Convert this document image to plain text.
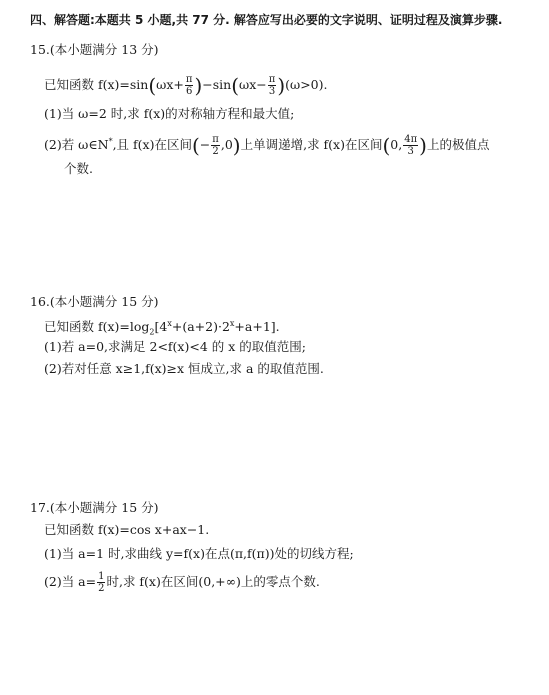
四、解答题:本题共 5 小题,共 77 分. 解答应写出必要的文字说明、证明过程及演算步骤.
15.(本小题满分 13 分)
已知函数 $f(x)=\sin(\omega x+ \frac{\pi}{6} )-\sin(\omega x- \frac{\pi}{3} )(\omega>0)$.
(1)当 ω=2 时,求 f(x)的对称轴方程和最大值;
(2)若 ω∈N*,且 f(x)在区间(− $\frac{\pi}{2} ,0$)上单调递增,求 f(x)在区间(0, $\frac{4\pi}{3}$ )上的极值点
个数.
16.(本小题满分 15 分)
已知函数 $f(x)=\log_2[4^x+(a+2)\cdot 2^x+a+1]$.
(1)若 a=0,求满足 2<f(x)<4 的 x 的取值范围;
(2)若对任意 x≥1,f(x)≥x 恒成立,求 a 的取值范围.
17.(本小题满分 15 分)
已知函数 f(x)=cos x+ax−1.
(1)当 a=1 时,求曲线 y=f(x)在点(π,f(π))处的切线方程;
(2)当 $a= \frac{1}{2}$ 时,求 f(x)在区间(0,+∞)上的零点个数.
